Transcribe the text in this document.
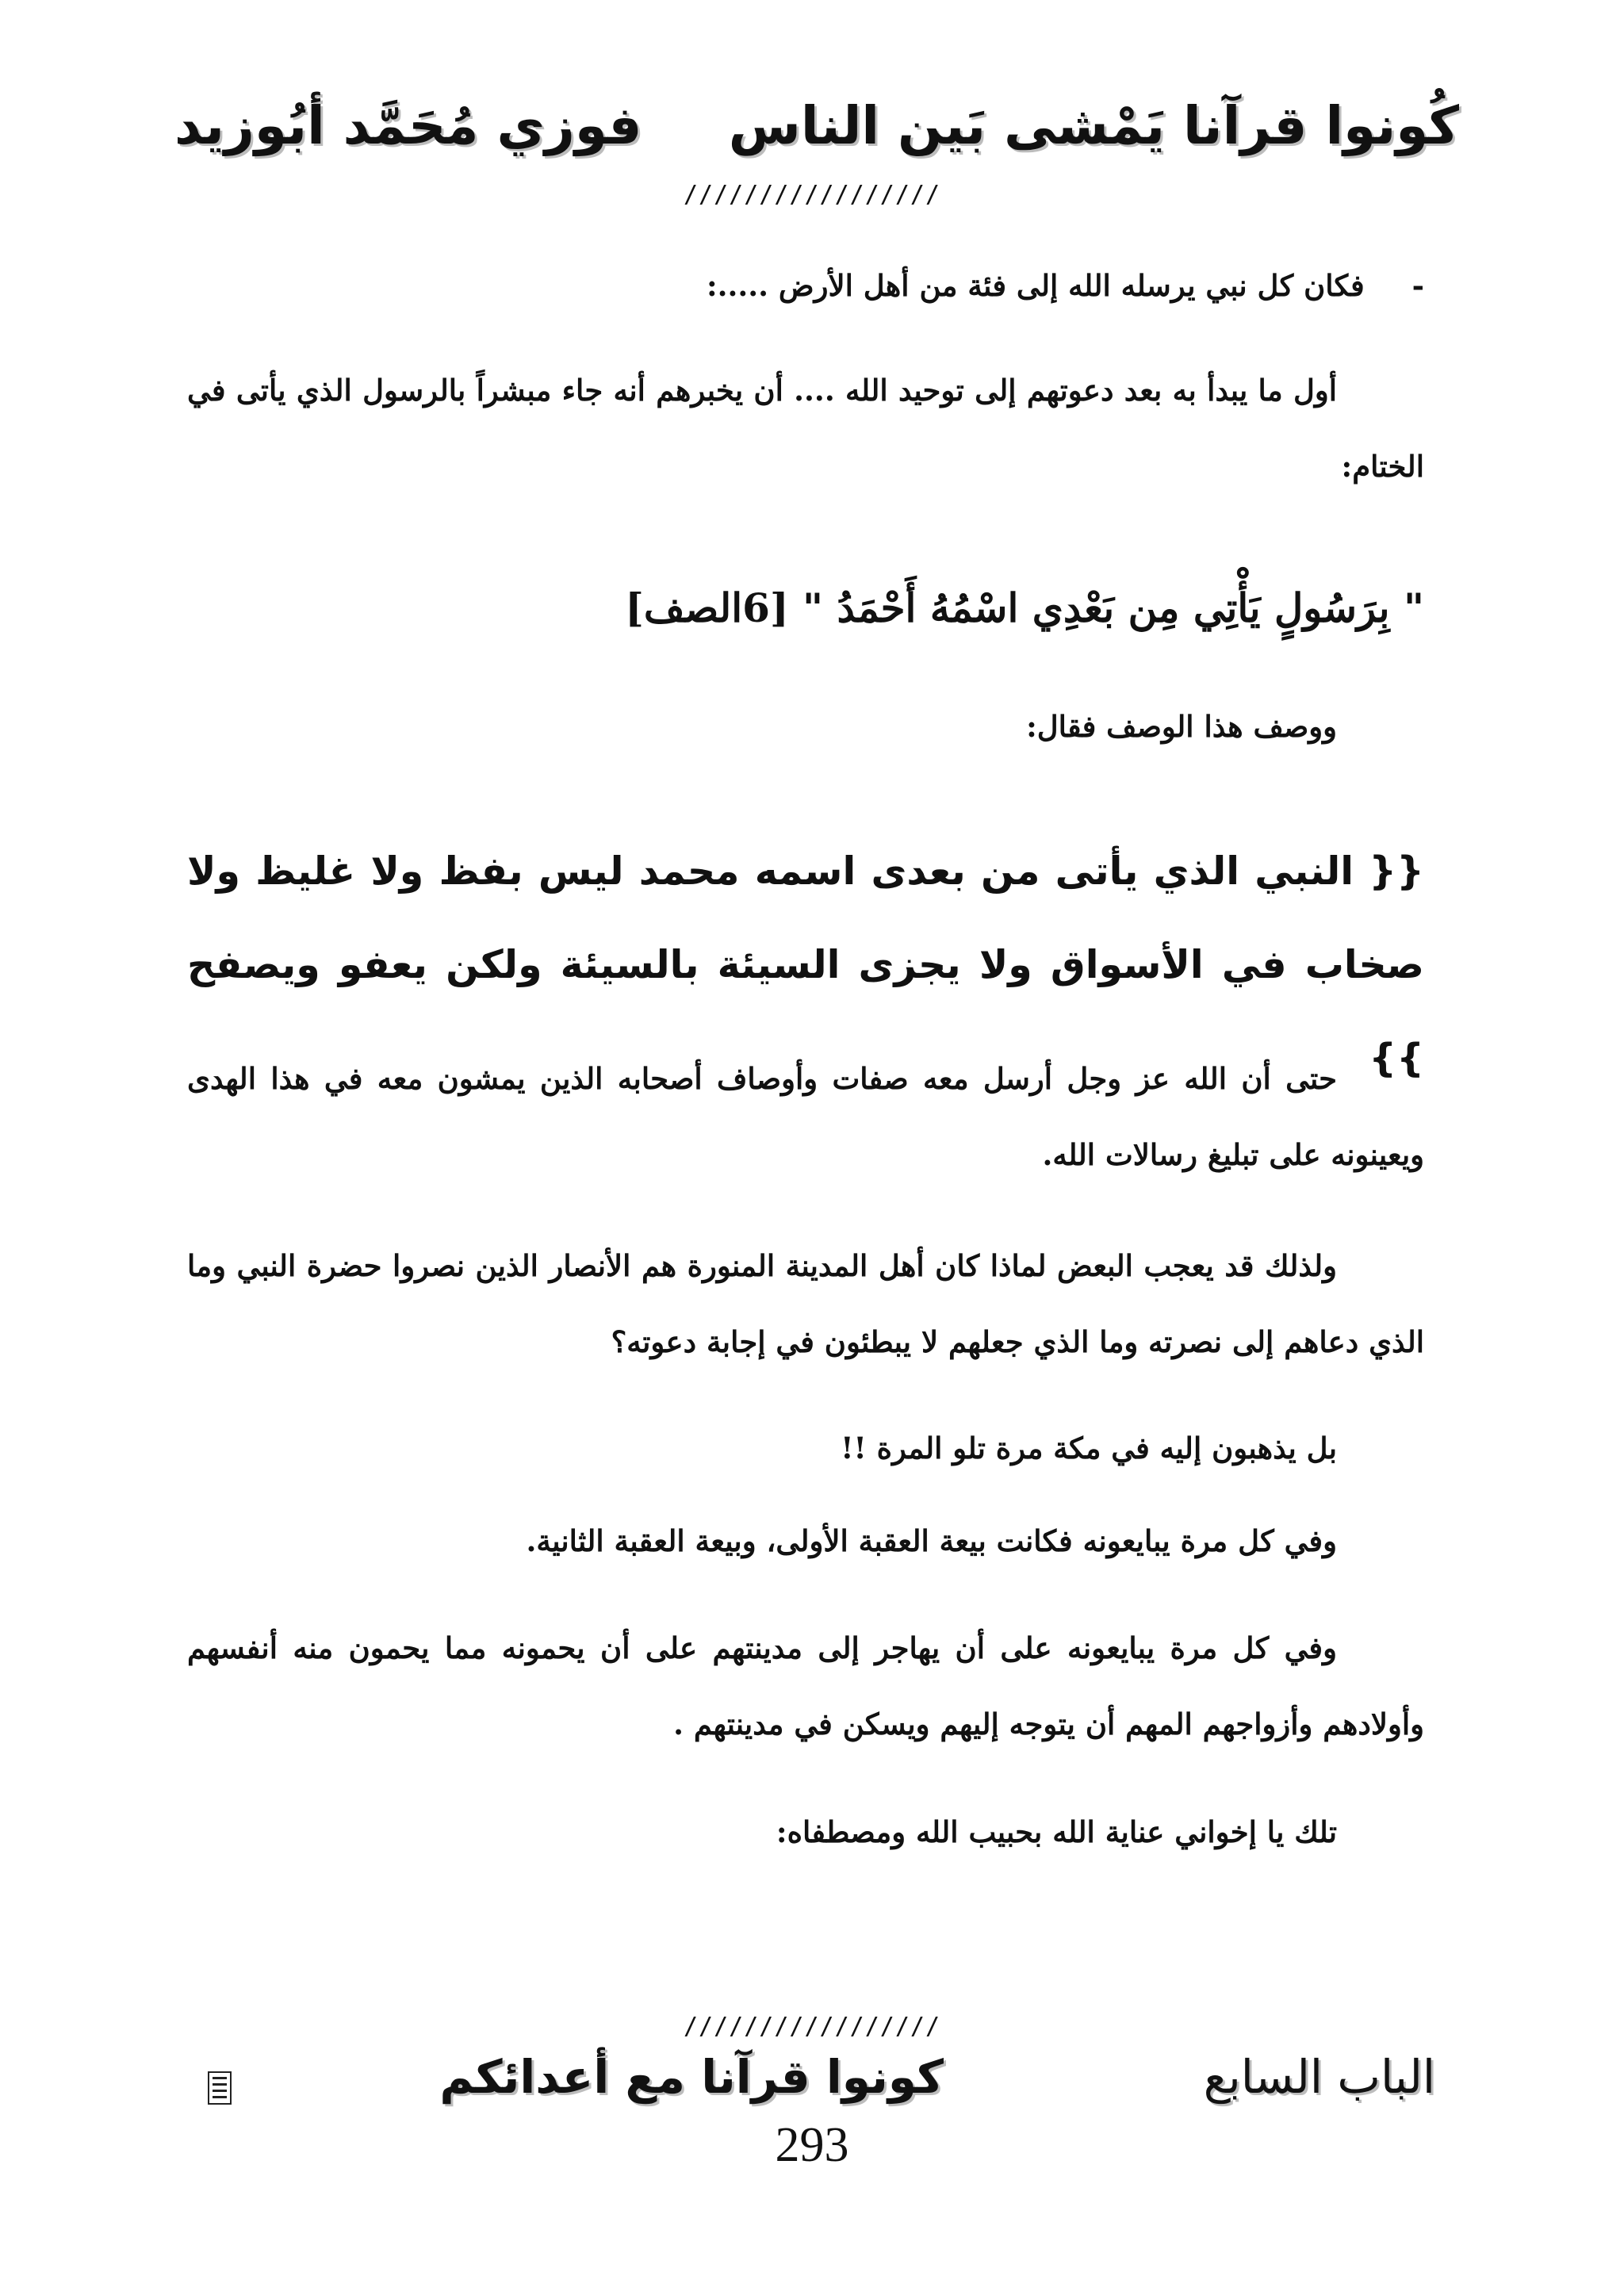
كُونوا قرآنا يَمْشى بَين الناس
فوزي مُحَمَّد أبُوزيد
/////////////////
-فكان كل نبي يرسله الله إلى فئة من أهل الأرض .....:
أول ما يبدأ به بعد دعوتهم إلى توحيد الله .... أن يخبرهم أنه جاء مبشراً بالرسول الذي يأتى في الختام:
" بِرَسُولٍ يَأْتِي مِن بَعْدِي اسْمُهُ أَحْمَدُ " [6الصف]
ووصف هذا الوصف فقال:
{{ النبي الذي يأتى من بعدى اسمه محمد ليس بفظ ولا غليظ ولا صخاب في الأسواق ولا يجزى السيئة بالسيئة ولكن يعفو ويصفح }}
حتى أن الله عز وجل أرسل معه صفات وأوصاف أصحابه الذين يمشون معه في هذا الهدى ويعينونه على تبليغ رسالات الله.
ولذلك قد يعجب البعض لماذا كان أهل المدينة المنورة هم الأنصار الذين نصروا حضرة النبي وما الذي دعاهم إلى نصرته وما الذي جعلهم لا يبطئون في إجابة دعوته؟
بل يذهبون إليه في مكة مرة تلو المرة !!
وفي كل مرة يبايعونه فكانت بيعة العقبة الأولى، وبيعة العقبة الثانية.
وفي كل مرة يبايعونه على أن يهاجر إلى مدينتهم على أن يحمونه مما يحمون منه أنفسهم وأولادهم وأزواجهم المهم أن يتوجه إليهم ويسكن في مدينتهم .
تلك يا إخواني عناية الله بحبيب الله ومصطفاه:
/////////////////
الباب السابع
كونوا قرآنا مع أعدائكم
293
